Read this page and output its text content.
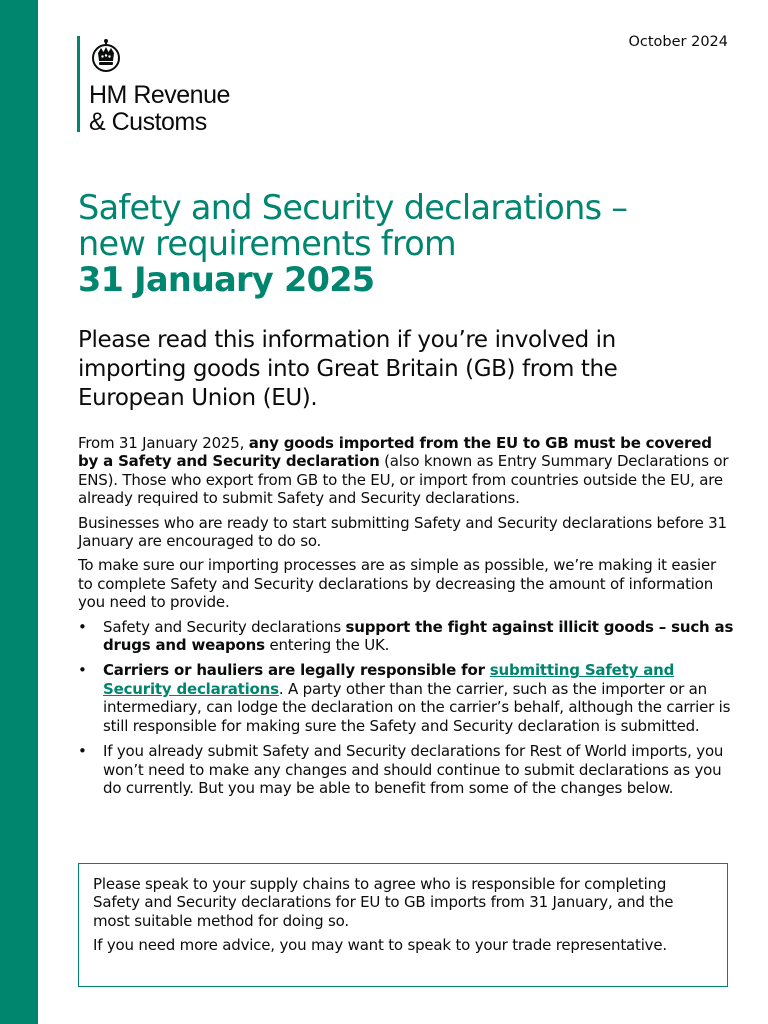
HM Revenue
& Customs
October 2024
Safety and Security declarations –
new requirements from
31 January 2025
Please read this information if you’re involved in importing goods into Great Britain (GB) from the European Union (EU).

From 31 January 2025, any goods imported from the EU to GB must be covered by a Safety and Security declaration (also known as Entry Summary Declarations or ENS). Those who export from GB to the EU, or import from countries outside the EU, are already required to submit Safety and Security declarations.

Businesses who are ready to start submitting Safety and Security declarations before 31 January are encouraged to do so.

To make sure our importing processes are as simple as possible, we’re making it easier to complete Safety and Security declarations by decreasing the amount of information you need to provide.

• Safety and Security declarations support the fight against illicit goods – such as drugs and weapons entering the UK.
• Carriers or hauliers are legally responsible for submitting Safety and Security declarations. A party other than the carrier, such as the importer or an intermediary, can lodge the declaration on the carrier’s behalf, although the carrier is still responsible for making sure the Safety and Security declaration is submitted.
• If you already submit Safety and Security declarations for Rest of World imports, you won’t need to make any changes and should continue to submit declarations as you do currently. But you may be able to benefit from some of the changes below.

Please speak to your supply chains to agree who is responsible for completing Safety and Security declarations for EU to GB imports from 31 January, and the most suitable method for doing so.

If you need more advice, you may want to speak to your trade representative.
